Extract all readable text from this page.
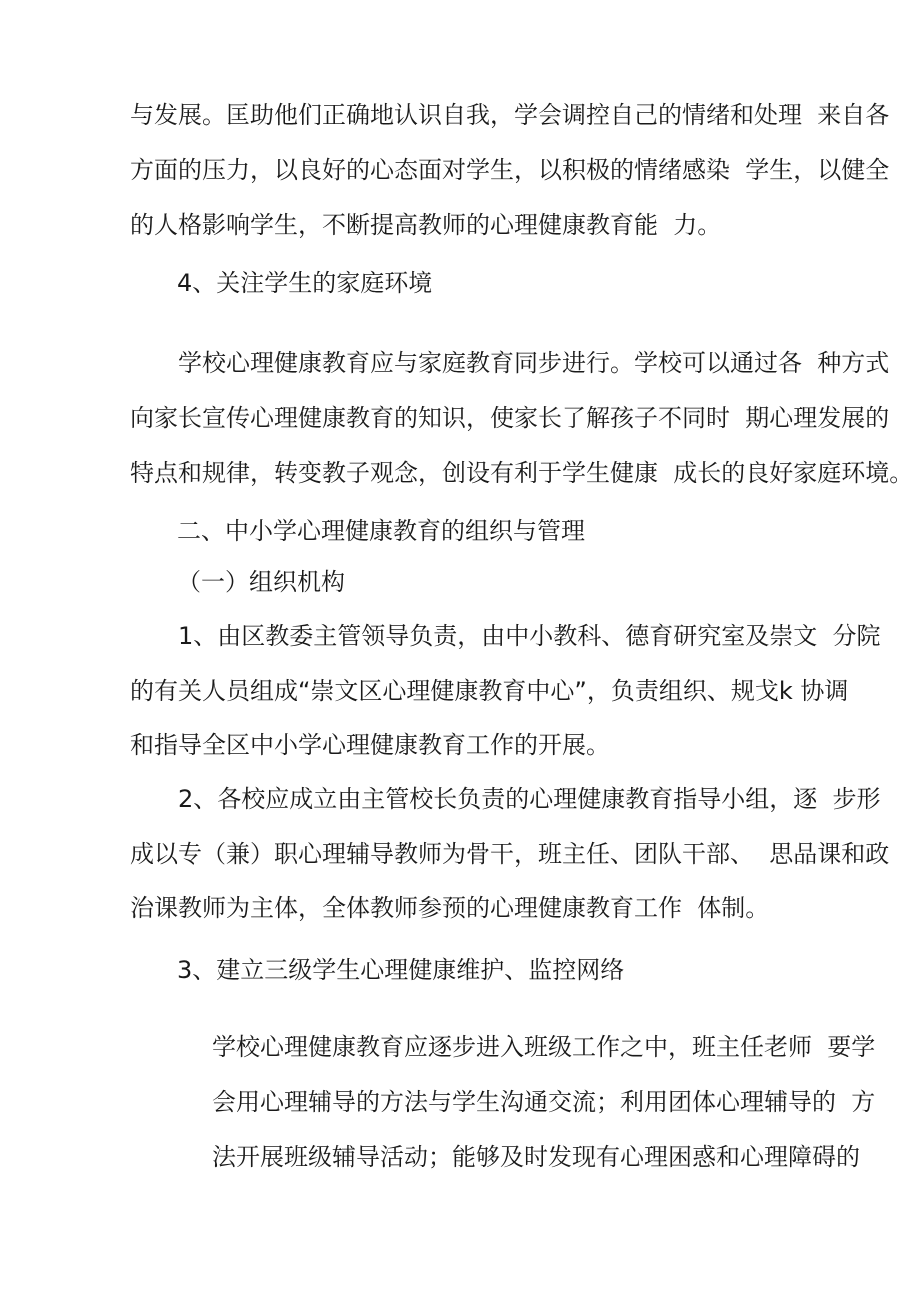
与发展。匡助他们正确地认识自我，学会调控自己的情绪和处理  来自各

方面的压力，以良好的心态面对学生，以积极的情绪感染  学生，以健全

的人格影响学生，不断提高教师的心理健康教育能  力。

4、关注学生的家庭环境

学校心理健康教育应与家庭教育同步进行。学校可以通过各  种方式

向家长宣传心理健康教育的知识，使家长了解孩子不同时  期心理发展的

特点和规律，转变教子观念，创设有利于学生健康  成长的良好家庭环境。

二、中小学心理健康教育的组织与管理

（一）组织机构

1、由区教委主管领导负责，由中小教科、德育研究室及崇文  分院

的有关人员组成“崇文区心理健康教育中心”，负责组织、规戈k 协调

和指导全区中小学心理健康教育工作的开展。

2、各校应成立由主管校长负责的心理健康教育指导小组，逐  步形

成以专（兼）职心理辅导教师为骨干，班主任、团队干部、  思品课和政

治课教师为主体，全体教师参预的心理健康教育工作  体制。

3、建立三级学生心理健康维护、监控网络

学校心理健康教育应逐步进入班级工作之中，班主任老师  要学

会用心理辅导的方法与学生沟通交流；利用团体心理辅导的  方

法开展班级辅导活动；能够及时发现有心理困惑和心理障碍的
